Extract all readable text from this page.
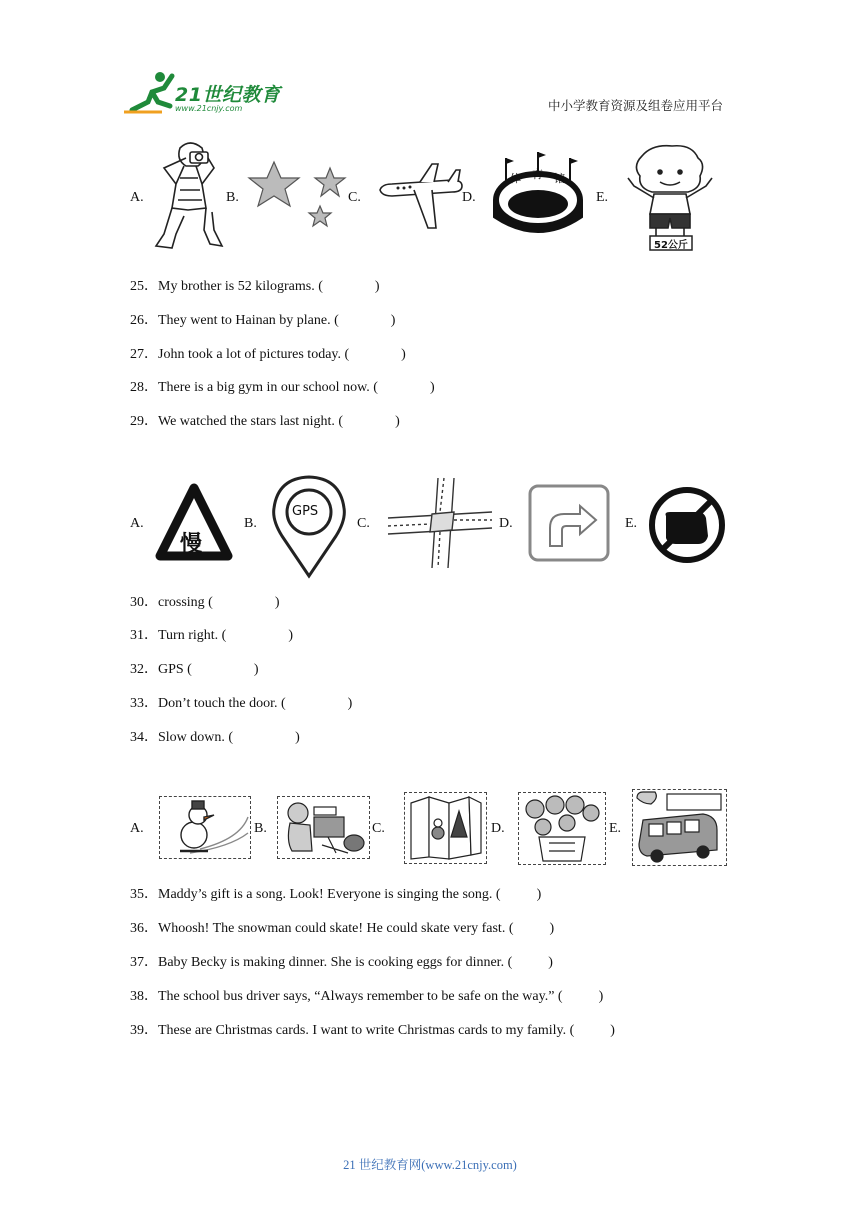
21世纪教育
www.21cnjy.com	中小学教育资源及组卷应用平台
A.	B.	C.	D.
体 育 馆
E.
52公斤
25．My brother is 52 kilograms. (	)
26．They went to Hainan by plane. (	)
27．John took a lot of pictures today. (	)
28．There is a big gym in our school now. (	)
29．We watched the stars last night. (	)
A.
慢
B.
GPS
C.	D.	E.
30．crossing (	)
31．Turn right. (	)
32．GPS (	)
33．Don’t touch the door. (	)
34．Slow down. (	)
A.	B.	C.	D.	E.
35．Maddy’s gift is a song. Look! Everyone is singing the song. (	)
36．Whoosh! The snowman could skate! He could skate very fast. (	)
37．Baby Becky is making dinner. She is cooking eggs for dinner. (	)
38．The school bus driver says, “Always remember to be safe on the way.” (	)
39．These are Christmas cards. I want to write Christmas cards to my family. (	)
21 世纪教育网(www.21cnjy.com)
